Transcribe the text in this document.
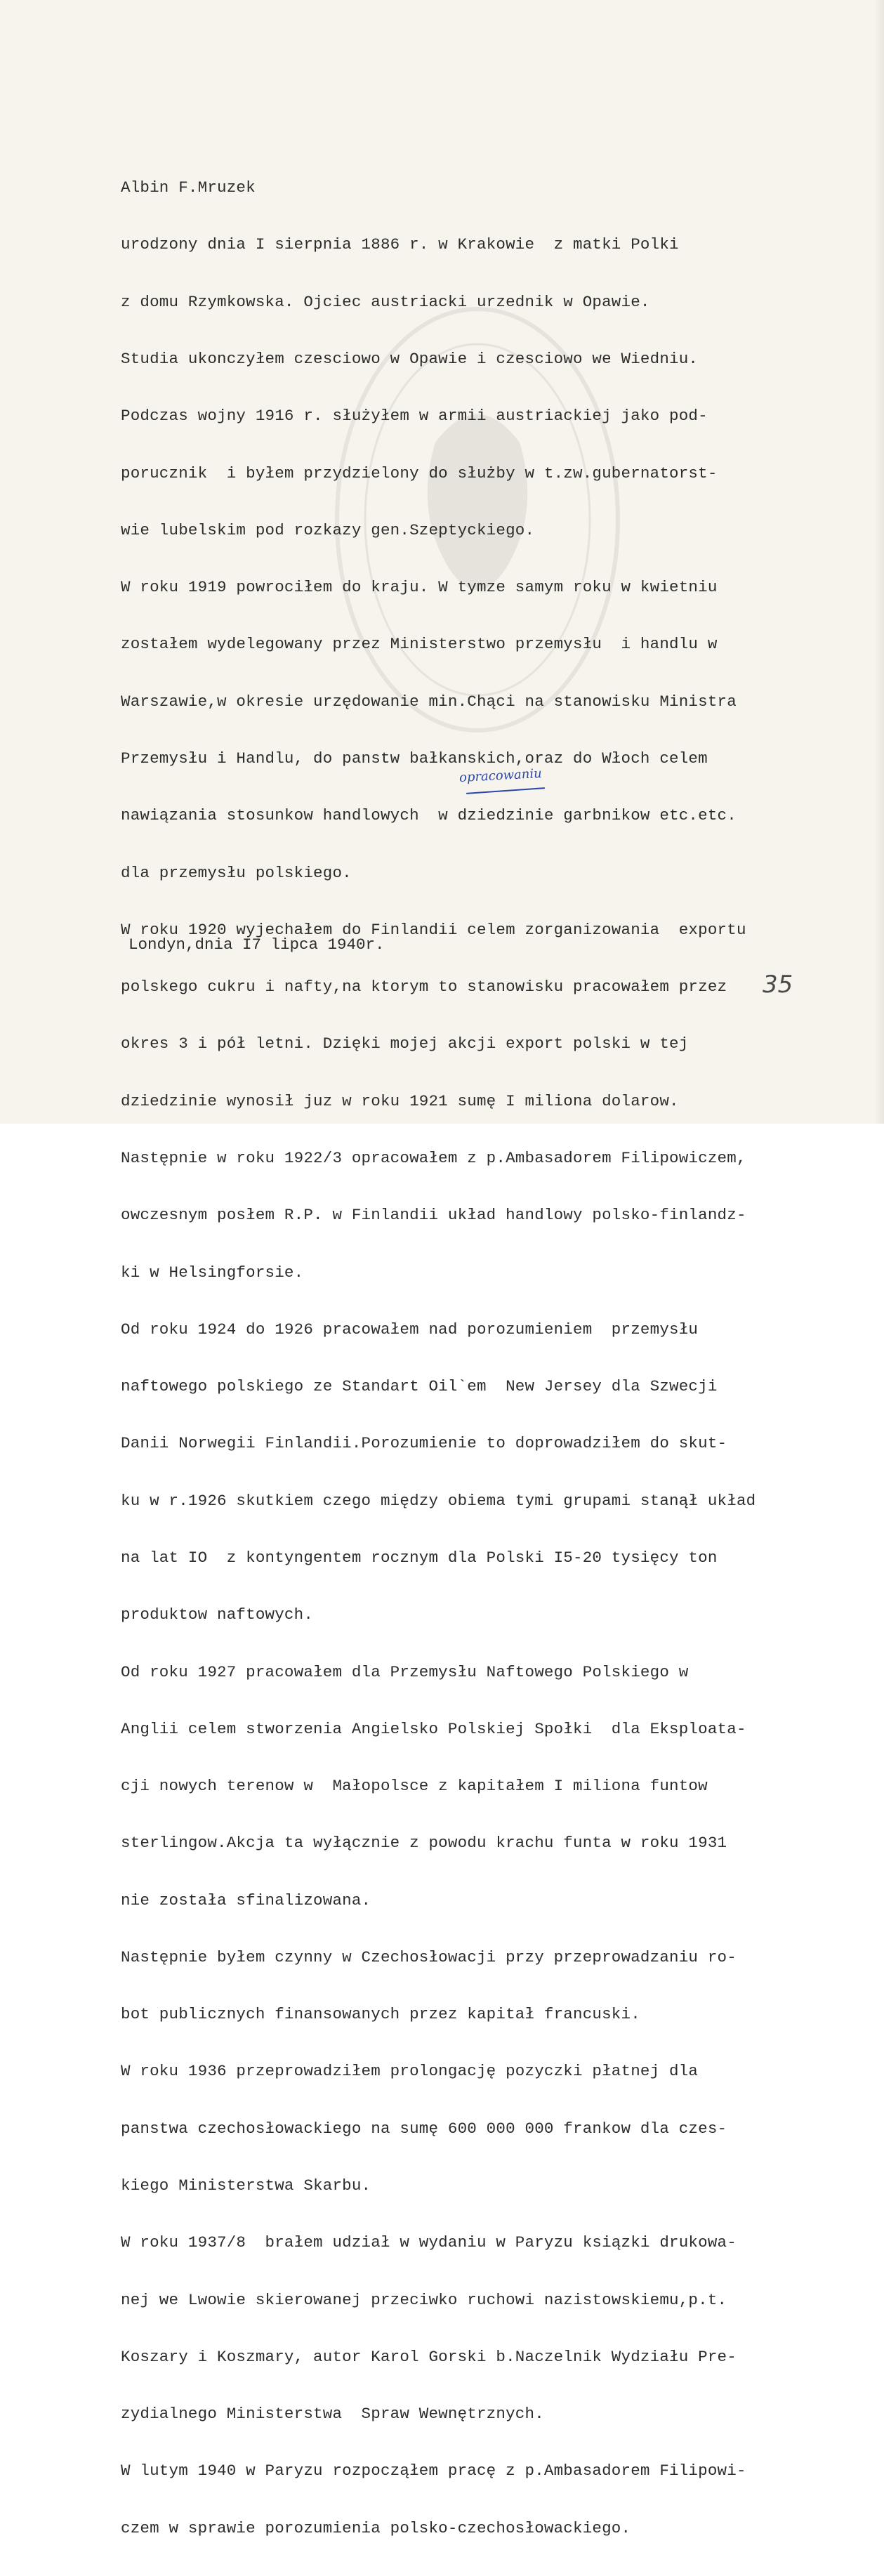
Albin F.Mruzek

urodzony dnia I sierpnia 1886 r. w Krakowie  z matki Polki

z domu Rzymkowska. Ojciec austriacki urzednik w Opawie.

Studia ukonczyłem czesciowo w Opawie i czesciowo we Wiedniu.

Podczas wojny 1916 r. służyłem w armii austriackiej jako pod-

porucznik  i byłem przydzielony do służby w t.zw.gubernatorst-

wie lubelskim pod rozkazy gen.Szeptyckiego.

W roku 1919 powrociłem do kraju. W tymze samym roku w kwietniu

zostałem wydelegowany przez Ministerstwo przemysłu  i handlu w

Warszawie,w okresie urzędowanie min.Chąci na stanowisku Ministra

Przemysłu i Handlu, do panstw bałkanskich,oraz do Włoch celem

nawiązania stosunkow handlowych  w dziedzinie garbnikow etc.etc.

dla przemysłu polskiego.

W roku 1920 wyjechałem do Finlandii celem zorganizowania  exportu

polskego cukru i nafty,na ktorym to stanowisku pracowałem przez

okres 3 i pół letni. Dzięki mojej akcji export polski w tej

dziedzinie wynosił juz w roku 1921 sumę I miliona dolarow.

Następnie w roku 1922/3 opracowałem z p.Ambasadorem Filipowiczem,

owczesnym posłem R.P. w Finlandii układ handlowy polsko-finlandz-

ki w Helsingforsie.

Od roku 1924 do 1926 pracowałem nad porozumieniem  przemysłu

naftowego polskiego ze Standart Oil`em  New Jersey dla Szwecji

Danii Norwegii Finlandii.Porozumienie to doprowadziłem do skut-

ku w r.1926 skutkiem czego między obiema tymi grupami stanął układ

na lat IO  z kontyngentem rocznym dla Polski I5-20 tysięcy ton

produktow naftowych.

Od roku 1927 pracowałem dla Przemysłu Naftowego Polskiego w

Anglii celem stworzenia Angielsko Polskiej Społki  dla Eksploata-

cji nowych terenow w  Małopolsce z kapitałem I miliona funtow

sterlingow.Akcja ta wyłącznie z powodu krachu funta w roku 1931

nie została sfinalizowana.

Następnie byłem czynny w Czechosłowacji przy przeprowadzaniu ro-

bot publicznych finansowanych przez kapitał francuski.

W roku 1936 przeprowadziłem prolongację pozyczki płatnej dla

panstwa czechosłowackiego na sumę 600 000 000 frankow dla czes-

kiego Ministerstwa Skarbu.

W roku 1937/8  brałem udział w wydaniu w Paryzu ksiązki drukowa-

nej we Lwowie skierowanej przeciwko ruchowi nazistowskiemu,p.t.

Koszary i Koszmary, autor Karol Gorski b.Naczelnik Wydziału Pre-

zydialnego Ministerstwa  Spraw Wewnętrznych.

W lutym 1940 w Paryzu rozpocząłem pracę z p.Ambasadorem Filipowi-

czem w sprawie porozumienia polsko-czechosłowackiego.

opracowaniu
Londyn,dnia I7 lipca 1940r.
35
